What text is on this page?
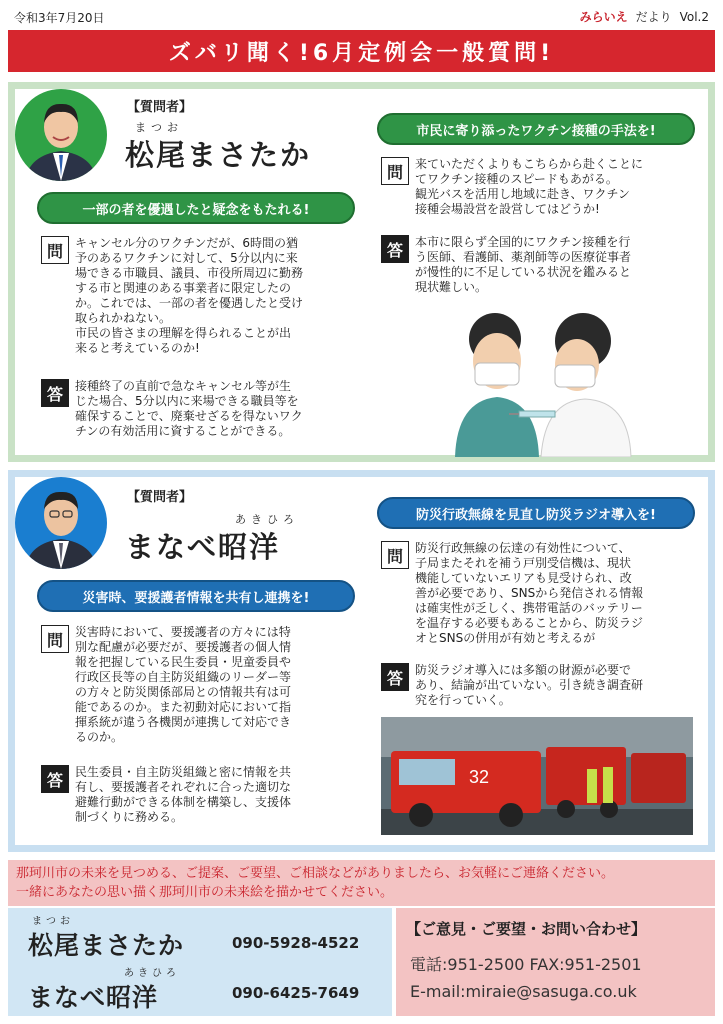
令和3年7月20日	みらいえ だより Vol.2
ズバリ聞く!6月定例会一般質問!
【質問者】
まつお
松尾まさたか
一部の者を優遇したと疑念をもたれる!
問	キャンセル分のワクチンだが、6時間の猶
予のあるワクチンに対して、5分以内に来
場できる市職員、議員、市役所周辺に勤務
する市と関連のある事業者に限定したの
か。これでは、一部の者を優遇したと受け
取られかねない。
市民の皆さまの理解を得られることが出
来ると考えているのか!
答	接種終了の直前で急なキャンセル等が生
じた場合、5分以内に来場できる職員等を
確保することで、廃棄せざるを得ないワク
チンの有効活用に資することができる。
市民に寄り添ったワクチン接種の手法を!
問	来ていただくよりもこちらから赴くことに
てワクチン接種のスピードもあがる。
観光バスを活用し地域に赴き、ワクチン
接種会場設営を設営してはどうか!
答	本市に限らず全国的にワクチン接種を行
う医師、看護師、薬剤師等の医療従事者
が慢性的に不足している状況を鑑みると
現状難しい。
【質問者】
あきひろ
まなべ昭洋
災害時、要援護者情報を共有し連携を!
問	災害時において、要援護者の方々には特
別な配慮が必要だが、要援護者の個人情
報を把握している民生委員・児童委員や
行政区長等の自主防災組織のリーダー等
の方々と防災関係部局との情報共有は可
能であるのか。また初動対応において指
揮系統が違う各機関が連携して対応でき
るのか。
答	民生委員・自主防災組織と密に情報を共
有し、要援護者それぞれに合った適切な
避難行動ができる体制を構築し、支援体
制づくりに務める。
防災行政無線を見直し防災ラジオ導入を!
問	防災行政無線の伝達の有効性について、
子局またそれを補う戸別受信機は、現状
機能していないエリアも見受けられ、改
善が必要であり、SNSから発信される情報
は確実性が乏しく、携帯電話のバッテリー
を温存する必要もあることから、防災ラジ
オとSNSの併用が有効と考えるが
答	防災ラジオ導入には多額の財源が必要で
あり、結論が出ていない。引き続き調査研
究を行っていく。
32
那珂川市の未来を見つめる、ご提案、ご要望、ご相談などがありましたら、お気軽にご連絡ください。
一緒にあなたの思い描く那珂川市の未来絵を描かせてください。
まつお
松尾まさたか	090-5928-4522
あきひろ
まなべ昭洋	090-6425-7649
【ご意見・ご要望・お問い合わせ】
電話:951-2500 FAX:951-2501
E-mail:miraie@sasuga.co.uk
